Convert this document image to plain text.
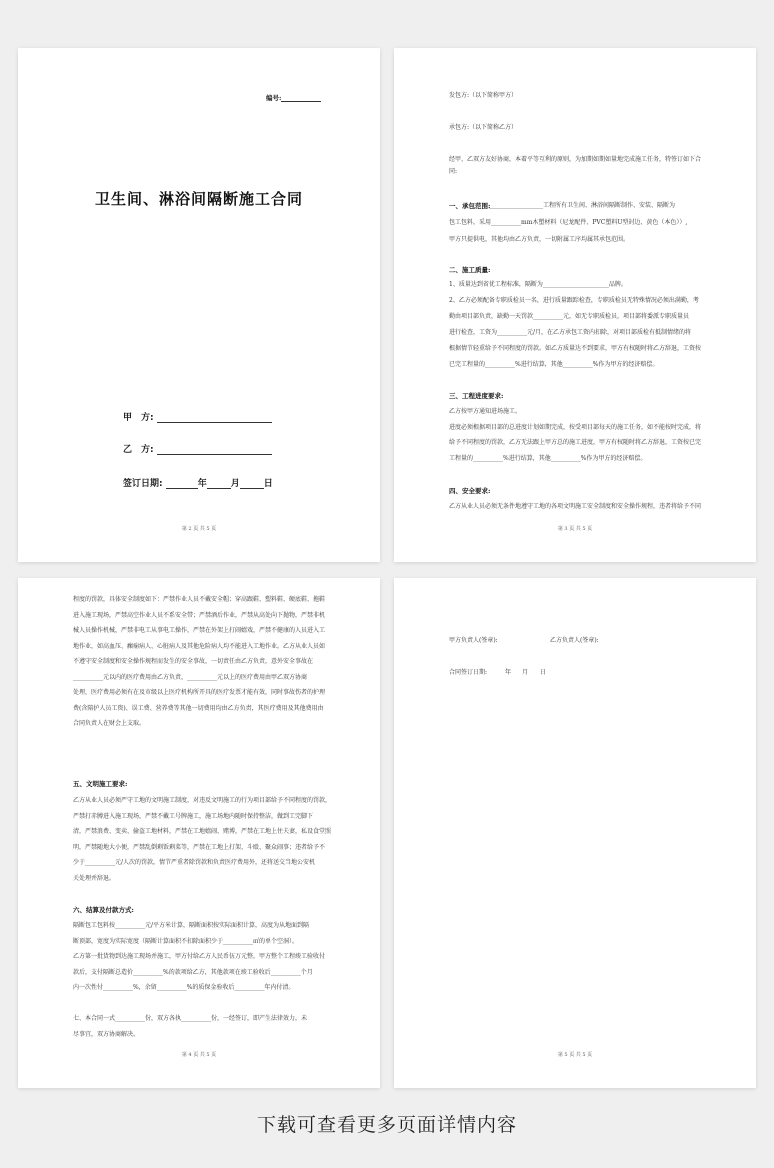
编号:
卫生间、淋浴间隔断施工合同
甲　方:
乙　方:
签订日期:	年	月	日
第 2 页 共 5 页
发包方:（以下简称甲方）
承包方:（以下简称乙方）
经甲、乙双方友好协商，本着平等互利的原则，为加期如期如量地完成施工任务，特签订如下合
同:
一、承包范围:
__________________工程所有卫生间、淋浴间隔断制作、安装、隔断为
包工包料，采用__________mm木塑材料（尼龙配件、PVC塑料U型封边、黄色（本色））,
甲方只提供电，其他均由乙方负责，一切附属工序均属其承包范围。
二、施工质量:
1、质量达到省优工程标准，隔断为______________________品牌。
2、乙方必须配备专职质检员一名，进行质量跟踪检查，专职质检员无特殊情况必须出满勤，考
勤由项目部负责，缺勤一天罚款__________元，如无专职质检员，项目部将委派专职质量员
进行检查，工资为__________元/月，在乙方承包工资内扣除，对项目部质检有抵制情绪的将
根据情节轻重给予不同程度的罚款。如乙方质量达不到要求，甲方有权随时将乙方辞退，工资按
已完工程量的__________%进行结算，其他__________%作为甲方的经济赔偿。
三、工程进度要求:
乙方按甲方通知进场施工。
进度必须根据项目部的总进度计划如期完成，按受项目部每天的施工任务，如不能按时完成，将
给予不同程度的罚款，乙方无法跟上甲方总的施工进度，甲方有权随时将乙方辞退，工资按已完
工程量的__________%进行结算，其他__________%作为甲方的经济赔偿。
四、安全要求:
乙方从业人员必须无条件地遵守工地的各项文明施工安全制度和安全操作规程，违者将给予不同
第 3 页 共 5 页
程度的罚款，具体安全制度如下：严禁作业人员不戴安全帽；穿高跟鞋、塑料鞋、硬底鞋、拖鞋
进入施工现场，严禁高空作业人员不系安全带；严禁酒后作业，严禁从高处向下抛物，严禁非机
械人员操作机械，严禁非电工从事电工操作，严禁在外架上打闹嬉戏，严禁不健康的人员进入工
地作业，如高血压、癫痫病人、心脏病人及其他危险病人均不能进入工地作业。乙方从业人员如
不遵守安全制度和安全操作规程而发生的安全事故，一切责任由乙方负责，意外安全事故在
__________元以内的医疗费用由乙方负责，__________元以上的医疗费用由甲乙双方协商
处理，医疗费用必须有在及市级以上医疗机构所开具的医疗发票才能有效，同时事故伤者的护理
费(含陪护人员工资)、误工费、营养费等其他一切费用均由乙方负责，其医疗费用及其他费用由
合同负责人在财会上支取。
五、文明施工要求:
乙方从业人员必须严守工地的文明施工制度，对违反文明施工的行为项目部给予不同程度的罚款，
严禁打赤膊进入施工现场，严禁不戴工号牌施工，施工场地内随时保持整洁，做到工完脚下
清，严禁浪费、变卖、偷盗工地材料，严禁在工地嬉闹、赌博，严禁在工地上住夫妻，私设食堂照
明，严禁随地大小便，严禁乱倒剩饭剩菜等，严禁在工地上打架、斗殴、聚众闹事；违者给予不
少于__________元/人次的罚款，情节严重者除罚款和负责医疗费用外，还将送交当地公安机
关处理并辞退。
六、结算及付款方式:
隔断包工包料按__________元/平方米计算，隔断面积按实际面积计算，高度为从地面到隔
断顶部，宽度为实际宽度（隔断计算面积不扣除面积少于__________㎡的单个空洞）。
乙方第一批货物到达施工现场并施工，甲方付给乙方人民币伍万元整，甲方整个工程竣工验收付
款后，支付隔断总造价__________%的款项给乙方，其他款项在竣工验收后__________个月
内一次性付__________%，余留__________%的质保金验收后__________年内付清。
七、本合同一式__________份，双方各执__________份，一经签订，即产生法律效力，未
尽事宜，双方协商解决。
第 4 页 共 5 页
甲方负责人(签章):	乙方负责人(签章):
合同签订日期:	年 月 日
第 5 页 共 5 页
下载可查看更多页面详情内容
